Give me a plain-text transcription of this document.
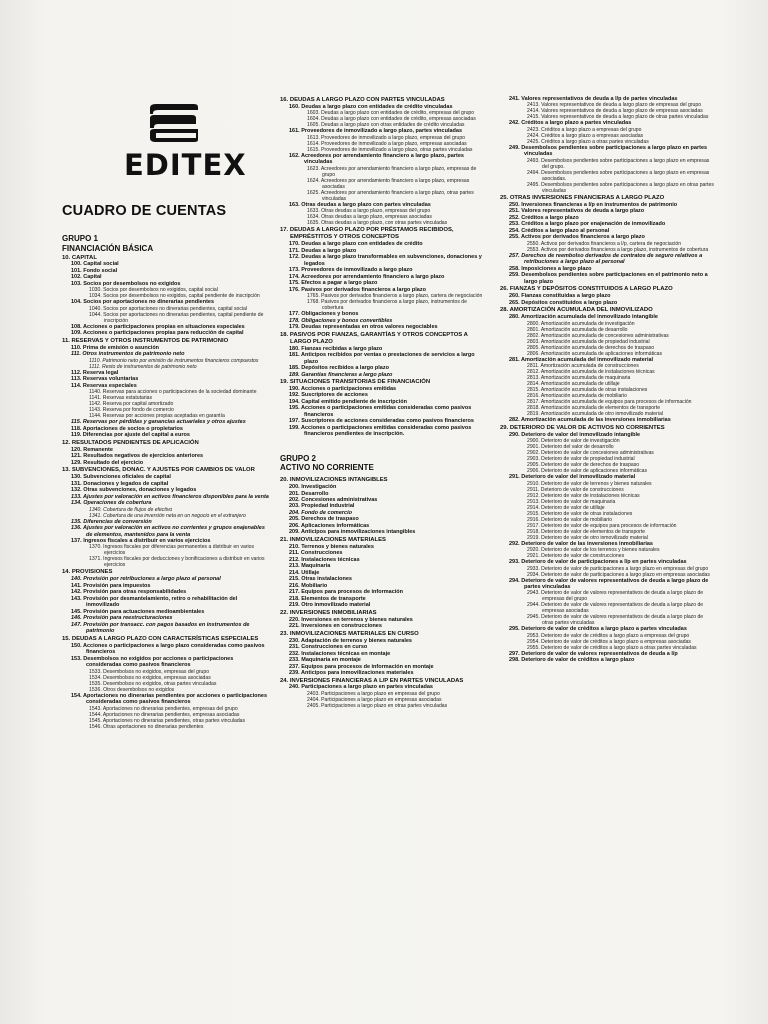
EDITEX
CUADRO DE CUENTAS
GRUPO 1
FINANCIACIÓN BÁSICA
10. CAPITAL
100. Capital social
101. Fondo social
102. Capital
103. Socios por desembolsos no exigidos
1030. Socios por desembolsos no exigidos, capital social
1034. Socios por desembolsos no exigidos, capital pendiente de inscripción
104. Socios por aportaciones no dinerarias pendientes
1040. Socios por aportaciones no dinerarias pendientes, capital social
1044. Socios por aportaciones no dinerarias pendientes, capital pendiente de inscripción
108. Acciones o participaciones propias en situaciones especiales
109. Acciones o participaciones propias para reducción de capital
11. RESERVAS Y OTROS INSTRUMENTOS DE PATRIMONIO
110. Prima de emisión o asunción
111. Otros instrumentos de patrimonio neto
1110. Patrimonio neto por emisión de instrumentos financieros compuestos
1111. Resto de instrumentos de patrimonio neto
112. Reserva legal
113. Reservas voluntarias
114. Reservas especiales
1140. Reservas para acciones o participaciones de la sociedad dominante
1141. Reservas estatutarias
1142. Reserva por capital amortizado
1143. Reserva por fondo de comercio
1144. Reservas por acciones propias aceptadas en garantía
115. Reservas por pérdidas y ganancias actuariales y otros ajustes
118. Aportaciones de socios o propietarios
119. Diferencias por ajuste del capital a euros
12. RESULTADOS PENDIENTES DE APLICACIÓN
120. Remanente
121. Resultados negativos de ejercicios anteriores
129. Resultado del ejercicio
13. SUBVENCIONES, DONAC. Y AJUSTES POR CAMBIOS DE VALOR
130. Subvenciones oficiales de capital
131. Donaciones y legados de capital
132. Otras subvenciones, donaciones y legados
133. Ajustes por valoración en activos financieros disponibles para la venta
134. Operaciones de cobertura
1340. Cobertura de flujos de efectivo
1341. Cobertura de una inversión neta en un negocio en el extranjero
135. Diferencias de conversión
136. Ajustes por valoración en activos no corrientes y grupos enajenables de elementos, mantenidos para la venta
137. Ingresos fiscales a distribuir en varios ejercicios
1370. Ingresos fiscales por diferencias permanentes a distribuir en varios ejercicios
1371. Ingresos fiscales por deducciones y bonificaciones a distribuir en varios ejercicios
14. PROVISIONES
140. Provisión por retribuciones a largo plazo al personal
141. Provisión para impuestos
142. Provisión para otras responsabilidades
143. Provisión por desmantelamiento, retiro o rehabilitación del inmovilizado
145. Provisión para actuaciones medioambientales
146. Provisión para reestructuraciones
147. Provisión por transacc. con pagos basados en instrumentos de patrimonio
15. DEUDAS A LARGO PLAZO CON CARACTERÍSTICAS ESPECIALES
150. Acciones o participaciones a largo plazo consideradas como pasivos financieros
153. Desembolsos no exigidos por acciones o participaciones consideradas como pasivos financieros
1533. Desembolsos no exigidos, empresas del grupo
1534. Desembolsos no exigidos, empresas asociadas
1535. Desembolsos no exigidos, otras partes vinculadas
1536. Otros desembolsos no exigidos
154. Aportaciones no dinerarias pendientes por acciones o participaciones consideradas como pasivos financieros
1543. Aportaciones no dinerarias pendientes, empresas del grupo
1544. Aportaciones no dinerarias pendientes, empresas asociadas
1545. Aportaciones no dinerarias pendientes, otras partes vinculadas
1546. Otras aportaciones no dinerarias pendientes
16. DEUDAS A LARGO PLAZO CON PARTES VINCULADAS
160. Deudas a largo plazo con entidades de crédito vinculadas
1603. Deudas a largo plazo con entidades de crédito, empresas del grupo
1604. Deudas a largo plazo con entidades de crédito, empresas asociadas
1605. Deudas a largo plazo con otras entidades de crédito vinculadas
161. Proveedores de inmovilizado a largo plazo, partes vinculadas
1613. Proveedores de inmovilizado a largo plazo, empresas del grupo
1614. Proveedores de inmovilizado a largo plazo, empresas asociadas
1615. Proveedores de inmovilizado a largo plazo, otras partes vinculadas
162. Acreedores por arrendamiento financiero a largo plazo, partes vinculadas
1623. Acreedores por arrendamiento financiero a largo plazo, empresas de grupo
1624. Acreedores por arrendamiento financiero a largo plazo, empresas asociadas
1625. Acreedores por arrendamiento financiero a largo plazo, otras partes vinculadas
163. Otras deudas a largo plazo con partes vinculadas
1633. Otras deudas a largo plazo, empresas del grupo
1634. Otras deudas a largo plazo, empresas asociadas
1635. Otras deudas a largo plazo, con otras partes vinculadas
17. DEUDAS A LARGO PLAZO POR PRÉSTAMOS RECIBIDOS, EMPRÉSTITOS Y OTROS CONCEPTOS
170. Deudas a largo plazo con entidades de crédito
171. Deudas a largo plazo
172. Deudas a largo plazo transformables en subvenciones, donaciones y legados
173. Proveedores de inmovilizado a largo plazo
174. Acreedores por arrendamiento financiero a largo plazo
175. Efectos a pagar a largo plazo
176. Pasivos por derivados financieros a largo plazo
1765. Pasivos por derivados financieros a largo plazo, cartera de negociación
1768. Pasivos por derivados financieros a largo plazo, instrumentos de cobertura
177. Obligaciones y bonos
178. Obligaciones y bonos convertibles
179. Deudas representadas en otros valores negociables
18. PASIVOS POR FIANZAS, GARANTÍAS Y OTROS CONCEPTOS A LARGO PLAZO
180. Fianzas recibidas a largo plazo
181. Anticipos recibidos por ventas o prestaciones de servicios a largo plazo
185. Depósitos recibidos a largo plazo
189. Garantías financieras a largo plazo
19. SITUACIONES TRANSITORIAS DE FINANCIACIÓN
190. Acciones o participaciones emitidas
192. Suscriptores de acciones
194. Capital emitido pendiente de inscripción
195. Acciones o participaciones emitidas consideradas como pasivos financieros
197. Suscriptores de acciones consideradas como pasivos financieros
199. Acciones o participaciones emitidas consideradas como pasivos financieros pendientes de inscripción.
GRUPO 2
ACTIVO NO CORRIENTE
20. INMOVILIZACIONES INTANGIBLES
200. Investigación
201. Desarrollo
202. Concesiones administrativas
203. Propiedad industrial
204. Fondo de comercio
205. Derechos de traspaso
206. Aplicaciones informáticas
209. Anticipos para inmovilizaciones intangibles
21. INMOVILIZACIONES MATERIALES
210. Terrenos y bienes naturales
211. Construcciones
212. Instalaciones técnicas
213. Maquinaria
214. Utillaje
215. Otras instalaciones
216. Mobiliario
217. Equipos para procesos de información
218. Elementos de transporte
219. Otro inmovilizado material
22. INVERSIONES INMOBILIARIAS
220. Inversiones en terrenos y bienes naturales
221. Inversiones en construcciones
23. INMOVILIZACIONES MATERIALES EN CURSO
230. Adaptación de terrenos y bienes naturales
231. Construcciones en curso
232. Instalaciones técnicas en montaje
233. Maquinaria en montaje
237. Equipos para procesos de información en montaje
239. Anticipos para inmovilizaciones materiales
24. INVERSIONES FINANCIERAS A L/P EN PARTES VINCULADAS
240. Participaciones a largo plazo en partes vinculadas
2403. Participaciones a largo plazo en empresas del grupo
2404. Participaciones a largo plazo en empresas asociadas
2405. Participaciones a largo plazo en otras partes vinculadas
241. Valores representativos de deuda a l/p de partes vinculadas
2413. Valores representativos de deuda a largo plazo de empresas del grupo
2414. Valores representativos de deuda a largo plazo de empresas asociadas
2415. Valores representativos de deuda a largo plazo de otras partes vinculadas
242. Créditos a largo plazo a partes vinculadas
2423. Créditos a largo plazo a empresas del grupo
2424. Créditos a largo plazo a empresas asociadas
2425. Créditos a largo plazo a otras partes vinculadas
249. Desembolsos pendientes sobre participaciones a largo plazo en partes vinculadas
2493. Desembolsos pendientes sobre participaciones a largo plazo en empresas del grupo.
2494. Desembolsos pendientes sobre participaciones a largo plazo en empresas asociadas.
2495. Desembolsos pendientes sobre participaciones a largo plazo en otras partes vinculadas
25. OTRAS INVERSIONES FINANCIERAS A LARGO PLAZO
250. Inversiones financieras a l/p en instrumentos de patrimonio
251. Valores representativos de deuda a largo plazo
252. Créditos a largo plazo
253. Créditos a largo plazo por enajenación de inmovilizado
254. Créditos a largo plazo al personal
255. Activos por derivados financieros a largo plazo
2550. Activos por derivados financieros a l/p, cartera de negociación
2553. Activos por derivados financieros a largo plazo, instrumentos de cobertura
257. Derechos de reembolso derivados de contratos de seguro relativos a retribuciones a largo plazo al personal
258. Imposiciones a largo plazo
259. Desembolsos pendientes sobre participaciones en el patrimonio neto a largo plazo
26. FIANZAS Y DEPÓSITOS CONSTITUIDOS A LARGO PLAZO
260. Fianzas constituidas a largo plazo
265. Depósitos constituidos a largo plazo
28. AMORTIZACIÓN ACUMULADA DEL INMOVILIZADO
280. Amortización acumulada del inmovilizado intangible
2800. Amortización acumulada de investigación
2801. Amortización acumulada de desarrollo
2802. Amortización acumulada de concesiones administrativas
2803. Amortización acumulada de propiedad industrial
2805. Amortización acumulada de derechos de traspaso
2806. Amortización acumulada de aplicaciones informáticas
281. Amortización acumulada del inmovilizado material
2811. Amortización acumulada de construcciones
2812. Amortización acumulada de instalaciones técnicas
2813. Amortización acumulada de maquinaria
2814. Amortización acumulada de utillaje
2815. Amortización acumulada de otras instalaciones
2816. Amortización acumulada de mobiliario
2817. Amortización acumulada de equipos para procesos de información
2818. Amortización acumulada de elementos de transporte
2819. Amortización acumulada de otro inmovilizado material
282. Amortización acumulada de las inversiones inmobiliarias
29. DETERIORO DE VALOR DE ACTIVOS NO CORRIENTES
290. Deterioro de valor del inmovilizado intangible
2900. Deterioro de valor de investigación
2901. Deterioro del valor de desarrollo
2902. Deterioro de valor de concesiones administrativas
2903. Deterioro de valor de propiedad industrial
2905. Deterioro de valor de derechos de traspaso
2906. Deterioro de valor de aplicaciones informáticas
291. Deterioro de valor del inmovilizado material
2910. Deterioro de valor de terrenos y bienes naturales
2911. Deterioro de valor de construcciones
2912. Deterioro de valor de instalaciones técnicas
2913. Deterioro de valor de maquinaria
2914. Deterioro de valor de utillaje
2915. Deterioro de valor de otras instalaciones
2916. Deterioro de valor de mobiliario
2917. Deterioro de valor de equipos para procesos de información
2918. Deterioro de valor de elementos de transporte
2919. Deterioro de valor de otro inmovilizado material
292. Deterioro de valor de las inversiones inmobiliarias
2920. Deterioro de valor de los terrenos y bienes naturales
2921. Deterioro de valor de construcciones
293. Deterioro de valor de participaciones a l/p en partes vinculadas
2933. Deterioro de valor de participaciones a largo plazo en empresas del grupo
2934. Deterioro de valor de participaciones a largo plazo en empresas asociadas
294. Deterioro de valor de valores representativos de deuda a largo plazo de partes vinculadas
2943. Deterioro de valor de valores representativos de deuda a largo plazo de empresas del grupo
2944. Deterioro de valor de valores representativos de deuda a largo plazo de empresas asociadas
2945. Deterioro de valor de valores representativos de deuda a largo plazo de otras partes vinculadas
295. Deterioro de valor de créditos a largo plazo a partes vinculadas
2953. Deterioro de valor de créditos a largo plazo a empresas del grupo
2954. Deterioro de valor de créditos a largo plazo a empresas asociadas
2955. Deterioro de valor de créditos a largo plazo a otras partes vinculadas
297. Deterioro de valor de valores representativos de deuda a l/p
298. Deterioro de valor de créditos a largo plazo
